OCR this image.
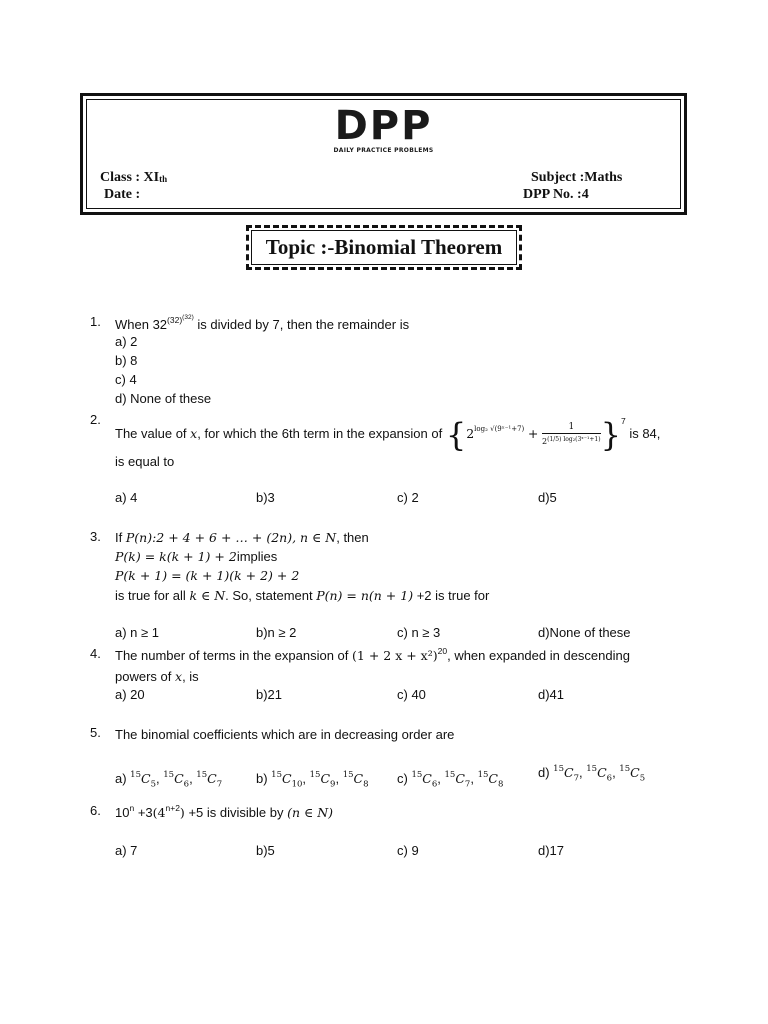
DPP
DAILY PRACTICE PROBLEMS
Class : $XI_{th}$
Date :
Subject :Maths
DPP No. :4
Topic :-Binomial Theorem
1. When $32^{(32)^{(32)}}$ is divided by 7, then the remainder is
a) 2
b) 8
c) 4
d) None of these
2.
The value of x, for which the 6th term in the expansion of $\{2^{log_2 √(9ˣ^{-1}+7)} + \frac{1}{2^{(1/5) log_2(3ˣ^{-1}+1)}} \}^7$ is 84,
is equal to
a) 4	b)3	c) 2	d)5
3. If P(n):2 + 4 + 6 + … + (2n), n ∈ N, then
P(k) = k(k + 1) + 2implies
P(k + 1) = (k + 1)(k + 2) + 2
is true for all k ∈ N. So, statement P(n) = n(n + 1) +2 is true for
a) n ≥ 1	b)n ≥ 2	c) n ≥ 3	d)None of these
4. The number of terms in the expansion of (1 + 2 x + x²)$^{20}$, when expanded in descending
powers of x, is
a) 20	b)21	c) 40	d)41
5. The binomial coefficients which are in decreasing order are
a) $^{15}C_5$, $^{15}C_6$, $^{15}C_7$	b) $^{15}C_{10}$, $^{15}C_9$, $^{15}C_8$ c) $^{15}C_6$, $^{15}C_7$, $^{15}C_8$
d) $^{15}C_7$, $^{15}C_6$, $^{15}C_5$
6. $10^n +3(4^{n+2}) +5$ is divisible by (n ∈ N)
a) 7	b)5	c) 9	d)17
